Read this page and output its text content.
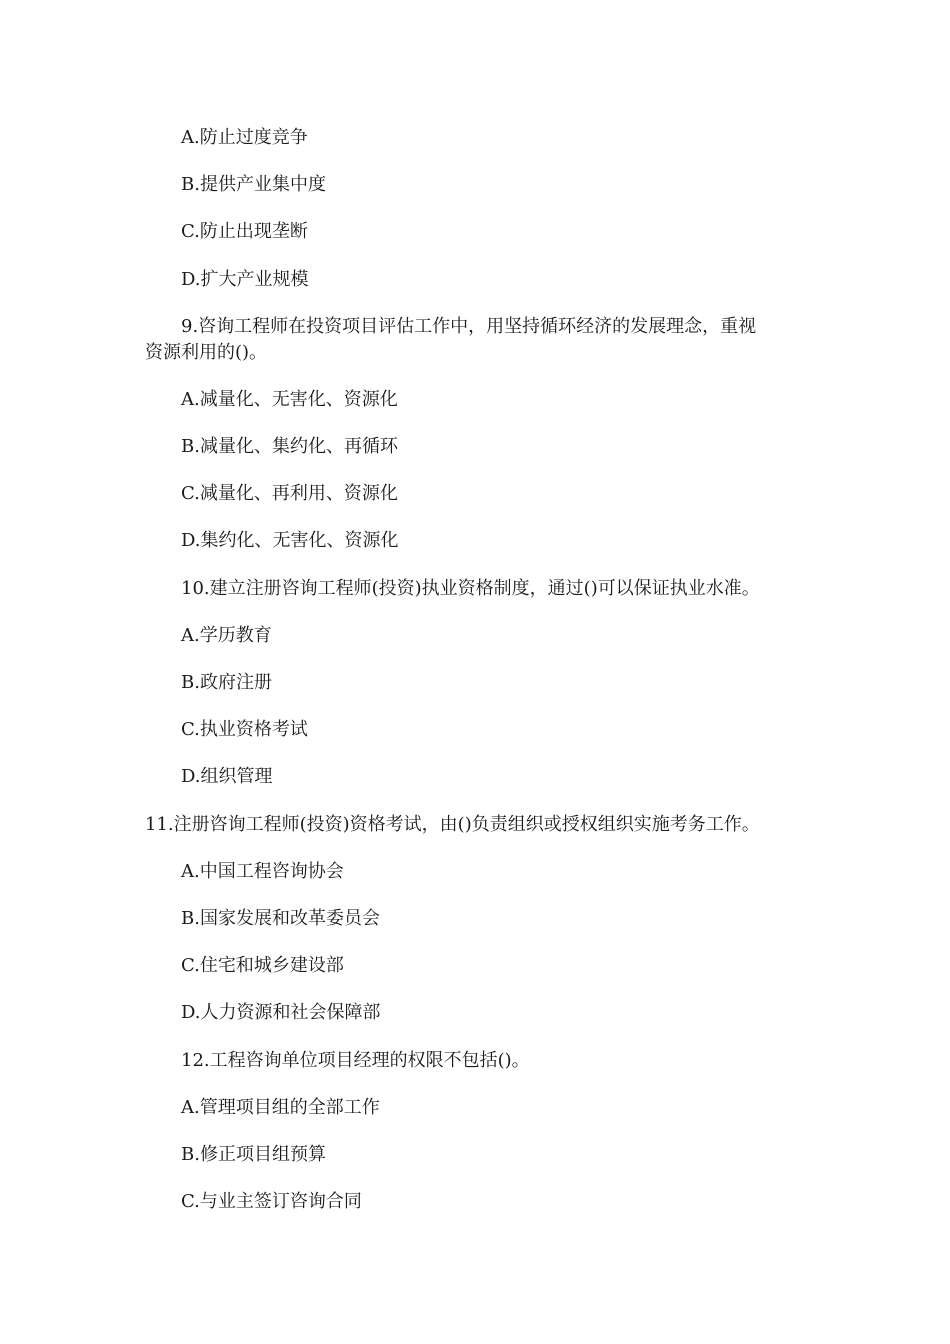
A.防止过度竞争
B.提供产业集中度
C.防止出现垄断
D.扩大产业规模
9.咨询工程师在投资项目评估工作中，用坚持循环经济的发展理念，重视
资源利用的()。
A.减量化、无害化、资源化
B.减量化、集约化、再循环
C.减量化、再利用、资源化
D.集约化、无害化、资源化
10.建立注册咨询工程师(投资)执业资格制度，通过()可以保证执业水准。
A.学历教育
B.政府注册
C.执业资格考试
D.组织管理
11.注册咨询工程师(投资)资格考试，由()负责组织或授权组织实施考务工作。
A.中国工程咨询协会
B.国家发展和改革委员会
C.住宅和城乡建设部
D.人力资源和社会保障部
12.工程咨询单位项目经理的权限不包括()。
A.管理项目组的全部工作
B.修正项目组预算
C.与业主签订咨询合同
